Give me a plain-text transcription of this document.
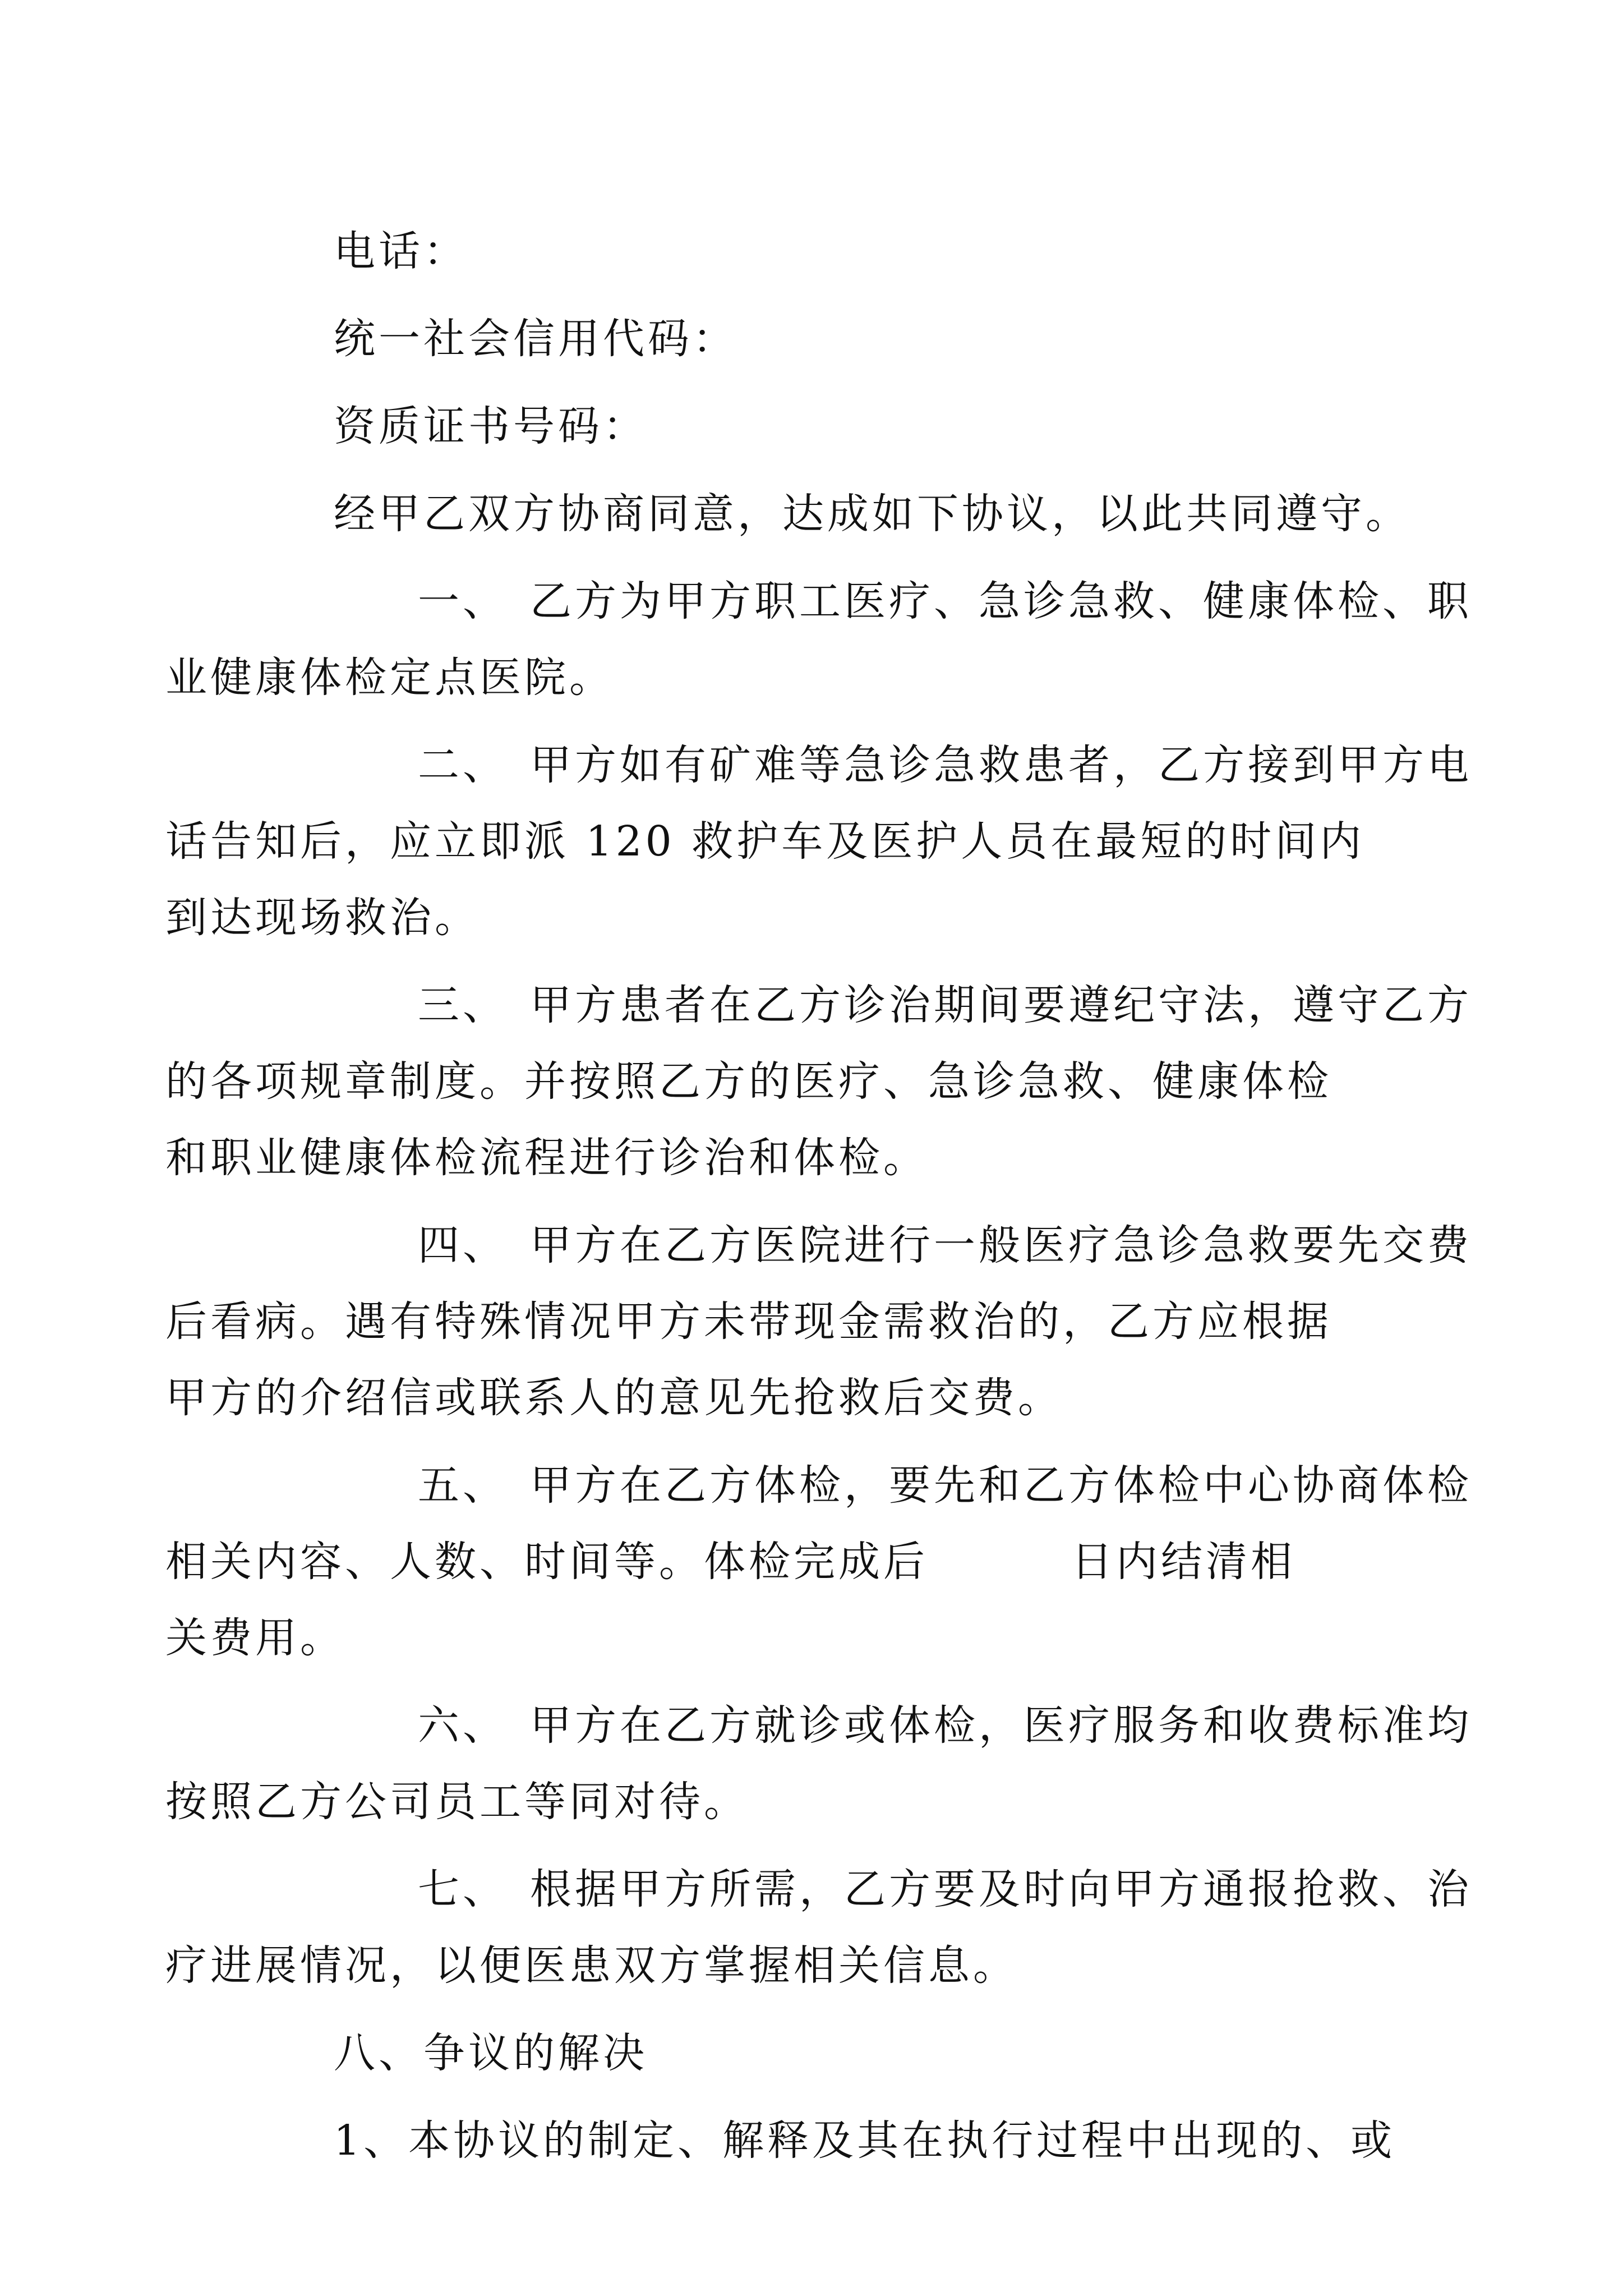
电话：

统一社会信用代码：

资质证书号码：

经甲乙双方协商同意，达成如下协议，以此共同遵守。

一、 乙方为甲方职工医疗、急诊急救、健康体检、职

业健康体检定点医院。

二、 甲方如有矿难等急诊急救患者，乙方接到甲方电

话告知后，应立即派 120 救护车及医护人员在最短的时间内

到达现场救治。

三、 甲方患者在乙方诊治期间要遵纪守法，遵守乙方

的各项规章制度。并按照乙方的医疗、急诊急救、健康体检

和职业健康体检流程进行诊治和体检。

四、 甲方在乙方医院进行一般医疗急诊急救要先交费

后看病。遇有特殊情况甲方未带现金需救治的，乙方应根据

甲方的介绍信或联系人的意见先抢救后交费。

五、 甲方在乙方体检，要先和乙方体检中心协商体检

相关内容、人数、时间等。体检完成后	日内结清相

关费用。

六、 甲方在乙方就诊或体检，医疗服务和收费标准均

按照乙方公司员工等同对待。

七、 根据甲方所需，乙方要及时向甲方通报抢救、治

疗进展情况，以便医患双方掌握相关信息。

八、争议的解决

1、本协议的制定、解释及其在执行过程中出现的、或
